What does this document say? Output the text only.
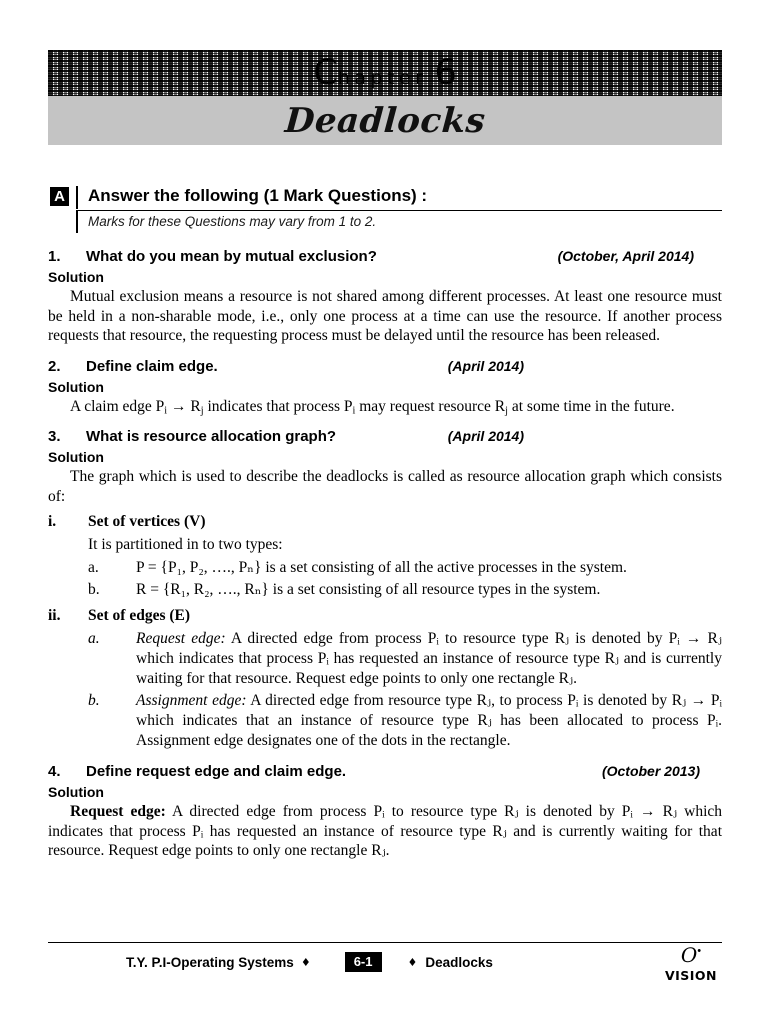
C hapter 6
Deadlocks
A	Answer the following (1 Mark Questions) :
Marks for these Questions may vary from 1 to 2.
1.	What do you mean by mutual exclusion?	(October, April 2014)
Solution

Mutual exclusion means a resource is not shared among different processes. At least one resource must be held in a non-sharable mode, i.e., only one process at a time can use the resource. If another process requests that resource, the requesting process must be delayed until the resource has been released.

2.	Define claim edge.	(April 2014)
Solution

A claim edge $P_i \to R_j$ indicates that process $P_i$ may request resource $R_j$ at some time in the future.

3.	What is resource allocation graph?	(April 2014)
Solution

The graph which is used to describe the deadlocks is called as resource allocation graph which consists of:

i.	Set of vertices (V)
It is partitioned in to two types:
a.	P = {P₁, P₂, …., Pₙ} is a set consisting of all the active processes in the system.
b.	R = {R₁, R₂, …., Rₙ} is a set consisting of all resource types in the system.
ii.	Set of edges (E)
a.	Request edge: A directed edge from process Pᵢ to resource type Rⱼ is denoted by Pᵢ → Rⱼ which indicates that process Pᵢ has requested an instance of resource type Rⱼ and is currently waiting for that resource. Request edge points to only one rectangle Rⱼ.
b.	Assignment edge: A directed edge from resource type Rⱼ, to process Pᵢ is denoted by Rⱼ → Pᵢ which indicates that an instance of resource type Rⱼ has been allocated to process Pᵢ. Assignment edge designates one of the dots in the rectangle.
4.	Define request edge and claim edge.	(October 2013)
Solution

Request edge: A directed edge from process Pᵢ to resource type Rⱼ is denoted by Pᵢ → Rⱼ which indicates that process Pᵢ has requested an instance of resource type Rⱼ and is currently waiting for that resource. Request edge points to only one rectangle Rⱼ.

T.Y. P.I-Operating Systems ♦	6-1	♦ Deadlocks	O• VISION
